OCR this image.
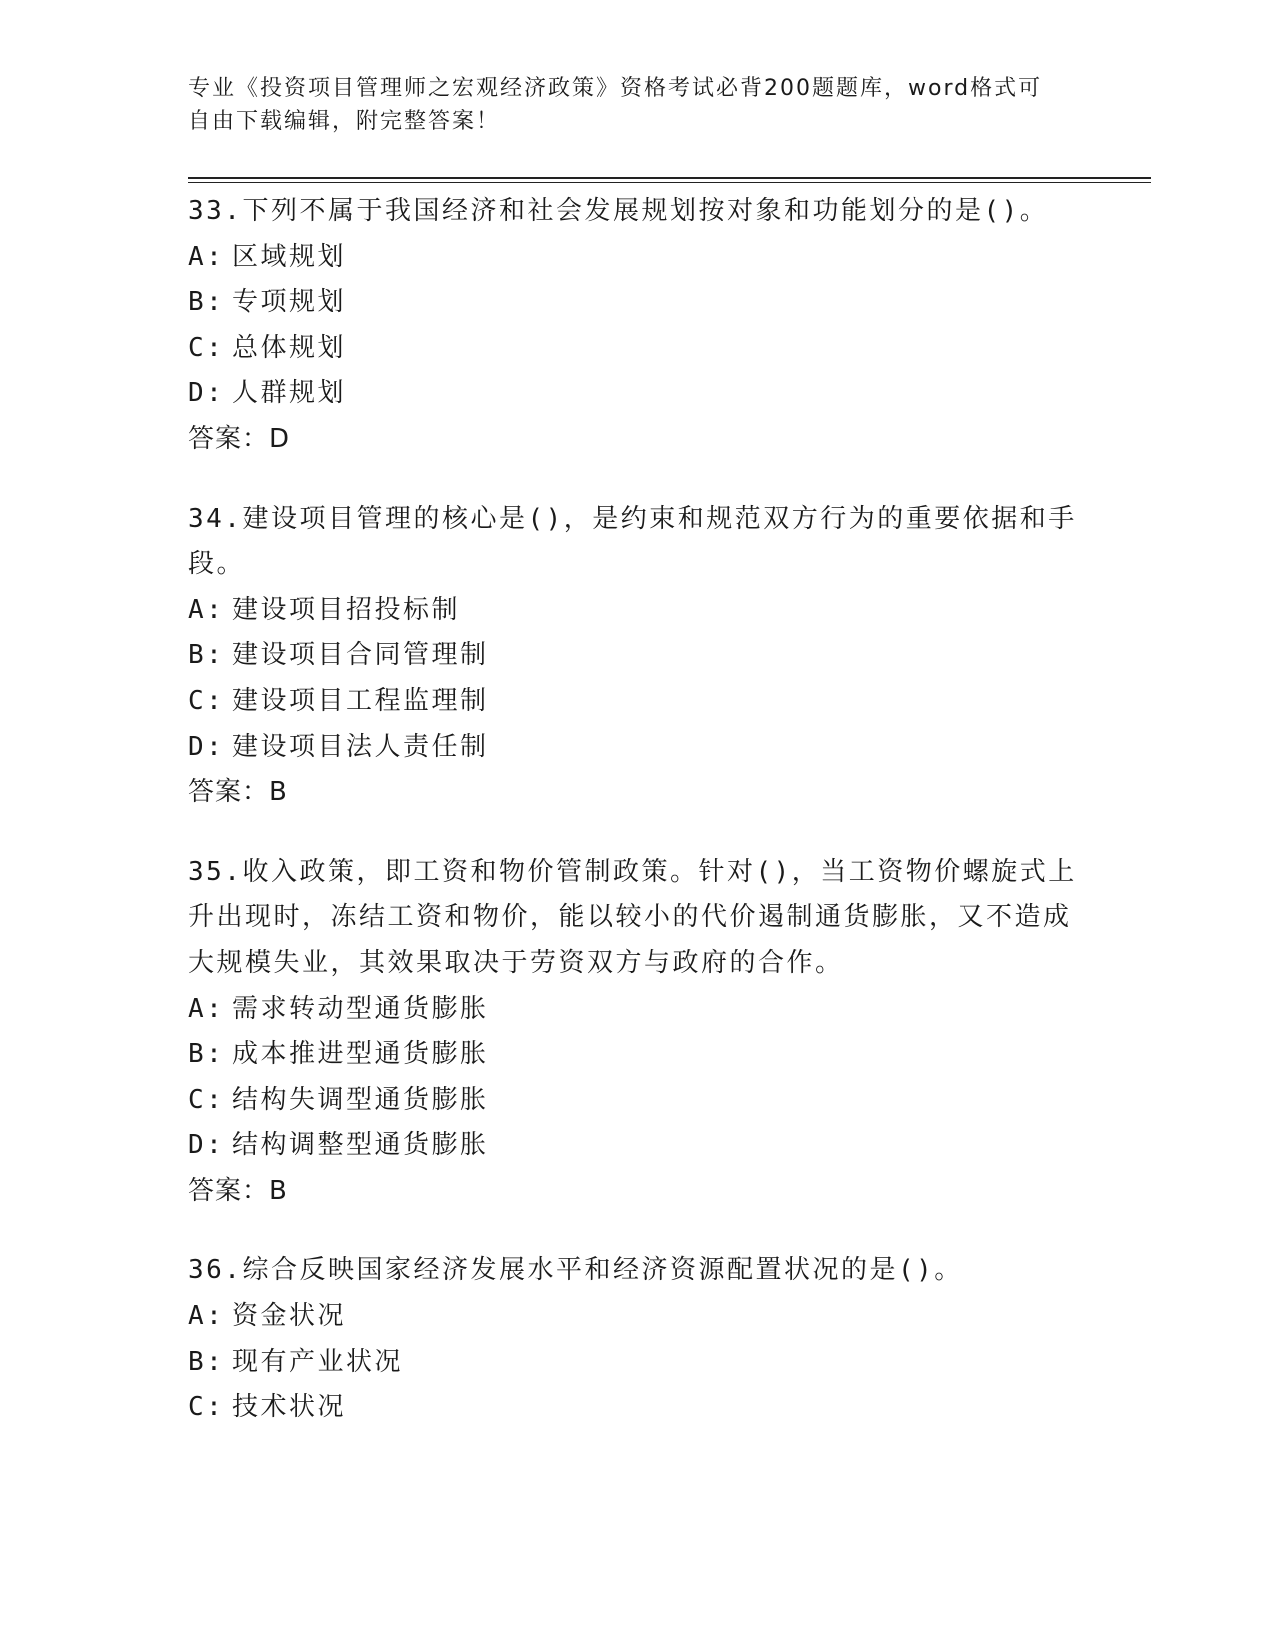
专业《投资项目管理师之宏观经济政策》资格考试必背200题题库，word格式可
自由下载编辑，附完整答案！

33.下列不属于我国经济和社会发展规划按对象和功能划分的是()。

A: 区域规划
B: 专项规划
C: 总体规划
D: 人群规划
答案：D

34.建设项目管理的核心是()，是约束和规范双方行为的重要依据和手段。

A: 建设项目招投标制
B: 建设项目合同管理制
C: 建设项目工程监理制
D: 建设项目法人责任制
答案：B

35.收入政策，即工资和物价管制政策。针对()，当工资物价螺旋式上升出现时，冻结工资和物价，能以较小的代价遏制通货膨胀，又不造成大规模失业，其效果取决于劳资双方与政府的合作。

A: 需求转动型通货膨胀
B: 成本推进型通货膨胀
C: 结构失调型通货膨胀
D: 结构调整型通货膨胀
答案：B

36.综合反映国家经济发展水平和经济资源配置状况的是()。

A: 资金状况
B: 现有产业状况
C: 技术状况
